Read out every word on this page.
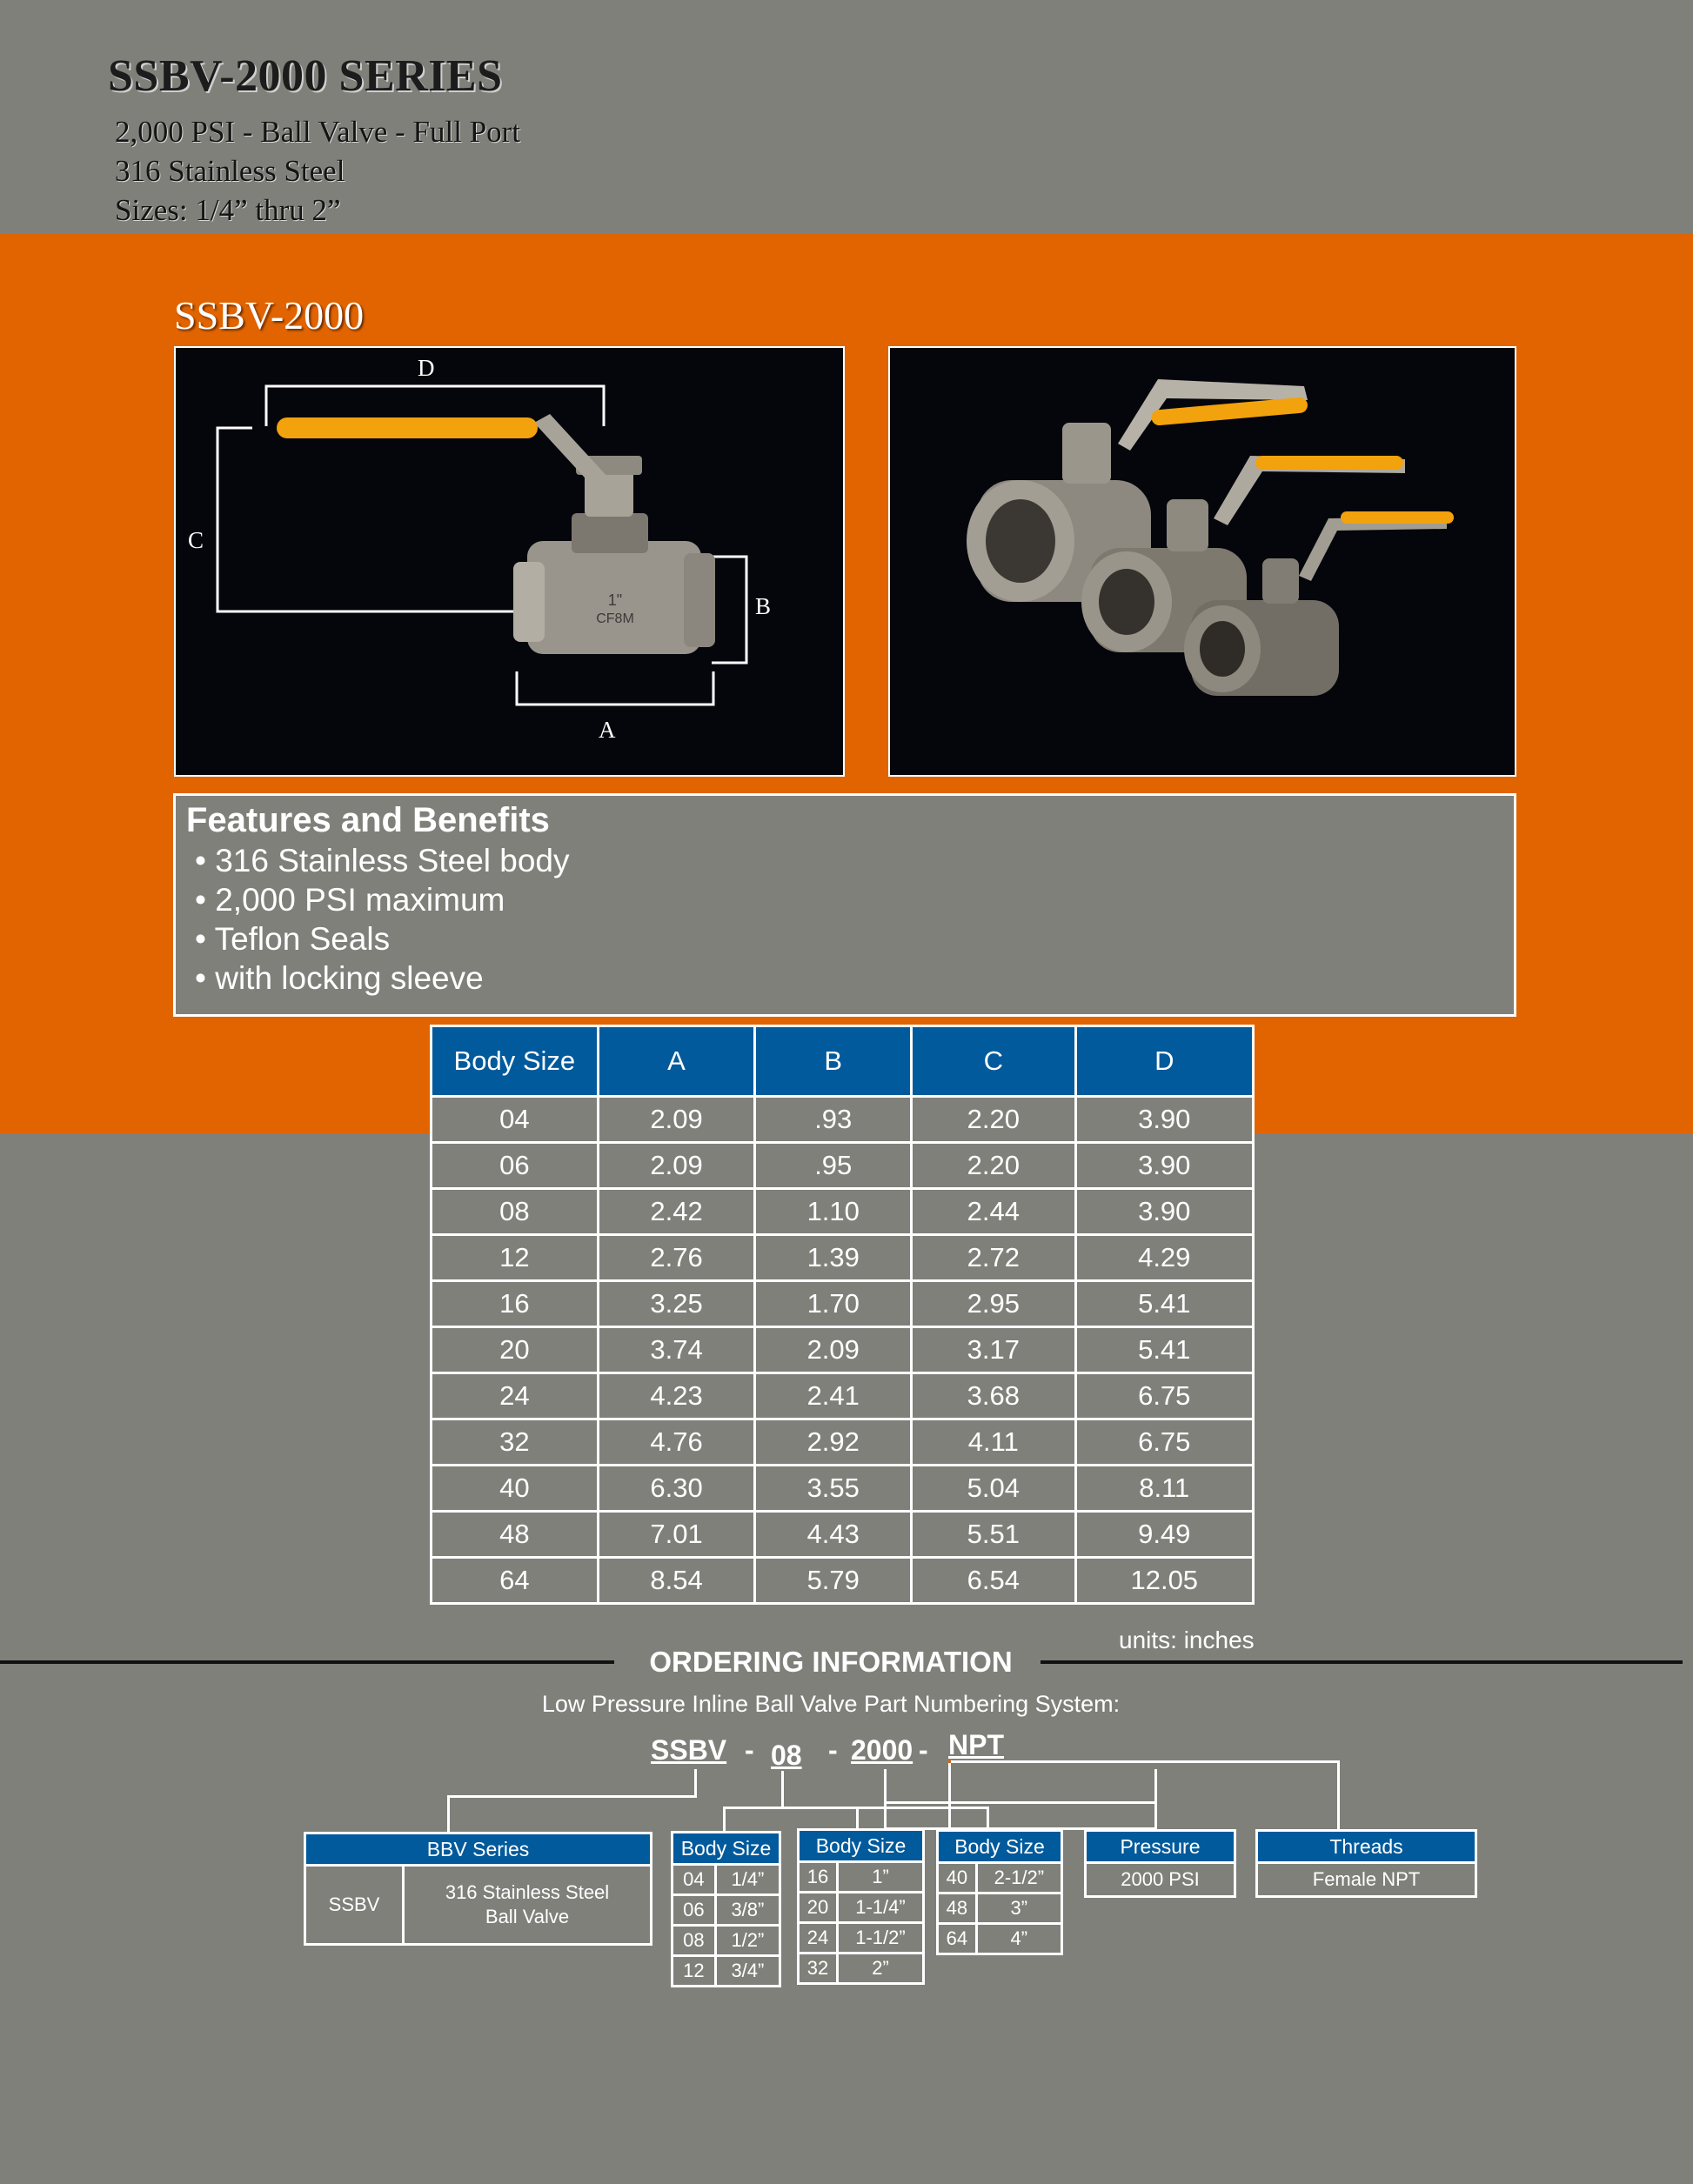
SSBV-2000 SERIES
2,000 PSI - Ball Valve - Full Port
316 Stainless Steel
Sizes: 1/4” thru 2”
SSBV-2000
1"
CF8M
D
C
B
A
Features and Benefits
• 316 Stainless Steel body
• 2,000 PSI maximum
• Teflon Seals
• with locking sleeve
Body Size	A	B	C	D
04	2.09	.93	2.20	3.90
06	2.09	.95	2.20	3.90
08	2.42	1.10	2.44	3.90
12	2.76	1.39	2.72	4.29
16	3.25	1.70	2.95	5.41
20	3.74	2.09	3.17	5.41
24	4.23	2.41	3.68	6.75
32	4.76	2.92	4.11	6.75
40	6.30	3.55	5.04	8.11
48	7.01	4.43	5.51	9.49
64	8.54	5.79	6.54	12.05
units: inches
ORDERING INFORMATION
Low Pressure Inline Ball Valve Part Numbering System:
SSBV - 08 - 2000 - NPT
BBV Series
SSBV	316 Stainless Steel Ball Valve
Body Size	
04	1/4”
06	3/8”
08	1/2”
12	3/4”
Body Size	
16	1”
20	1-1/4”
24	1-1/2”
32	2”
Body Size	
40	2-1/2”
48	3”
64	4”
Pressure
2000 PSI
Threads
Female NPT
